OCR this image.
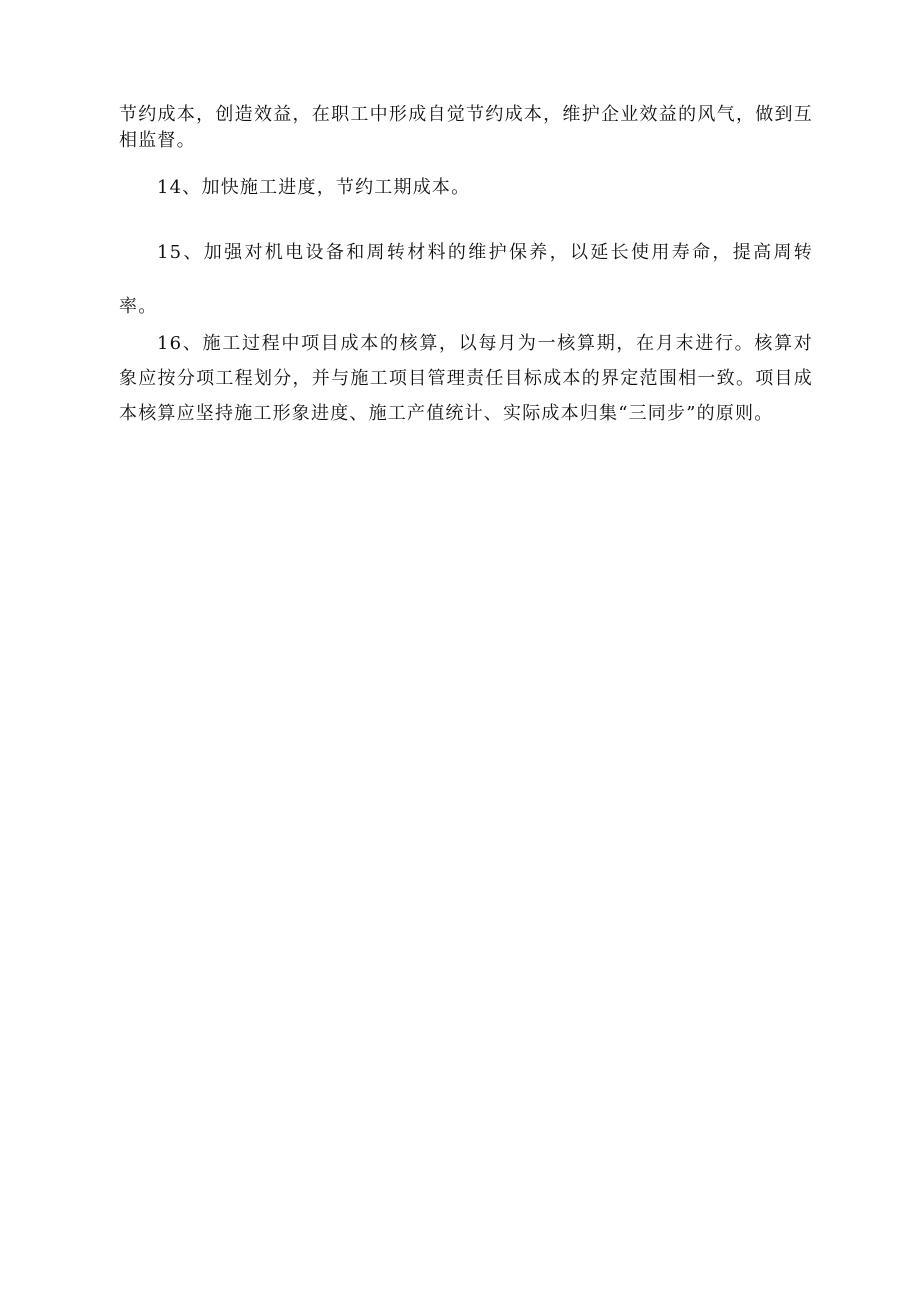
节约成本，创造效益，在职工中形成自觉节约成本，维护企业效益的风气，做到互相监督。

14、加快施工进度，节约工期成本。

15、加强对机电设备和周转材料的维护保养，以延长使用寿命，提高周转率。

16、施工过程中项目成本的核算，以每月为一核算期，在月末进行。核算对象应按分项工程划分，并与施工项目管理责任目标成本的界定范围相一致。项目成本核算应坚持施工形象进度、施工产值统计、实际成本归集“三同步”的原则。
